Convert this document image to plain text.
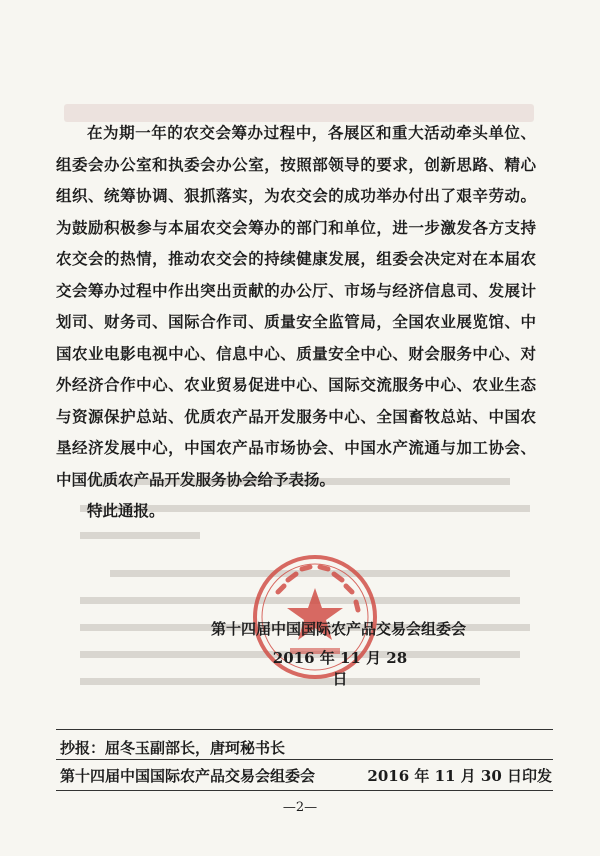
在为期一年的农交会筹办过程中，各展区和重大活动牵头单位、组委会办公室和执委会办公室，按照部领导的要求，创新思路、精心组织、统筹协调、狠抓落实，为农交会的成功举办付出了艰辛劳动。为鼓励积极参与本届农交会筹办的部门和单位，进一步激发各方支持农交会的热情，推动农交会的持续健康发展，组委会决定对在本届农交会筹办过程中作出突出贡献的办公厅、市场与经济信息司、发展计划司、财务司、国际合作司、质量安全监管局，全国农业展览馆、中国农业电影电视中心、信息中心、质量安全中心、财会服务中心、对外经济合作中心、农业贸易促进中心、国际交流服务中心、农业生态与资源保护总站、优质农产品开发服务中心、全国畜牧总站、中国农垦经济发展中心，中国农产品市场协会、中国水产流通与加工协会、中国优质农产品开发服务协会给予表扬。

特此通报。

第十四届中国国际农产品交易会组委会
2016 年 11 月 28 日
抄报：屈冬玉副部长，唐珂秘书长
第十四届中国国际农产品交易会组委会	2016 年 11 月 30 日印发
—2—
